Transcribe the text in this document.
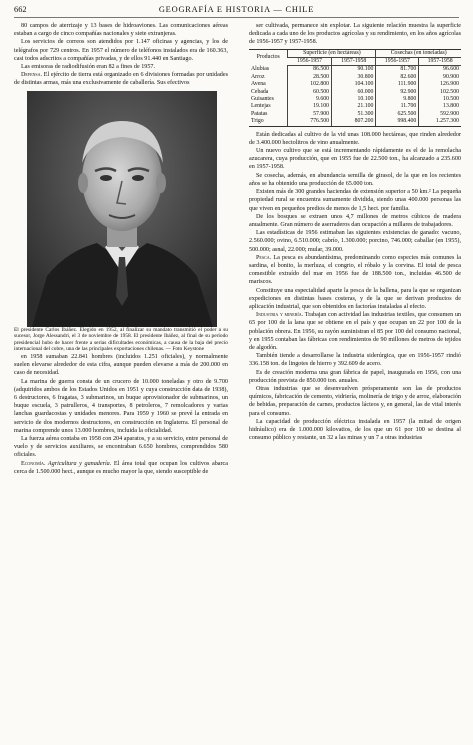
662	GEOGRAFÍA E HISTORIA — CHILE

80 campos de aterrizaje y 13 bases de hidroaviones. Las comunicaciones aéreas estaban a cargo de cinco compañías nacionales y siete extranjeras.

Los servicios de correos son atendidos por 1.147 oficinas y agencias, y los de telégrafos por 729 centros. En 1957 el número de teléfonos instalados era de 160.363, casi todos adscritos a compañías privadas, y de ellos 91.440 en Santiago.

Las emisoras de radiodifusión eran 82 a fines de 1957.

Defensa. El ejército de tierra está organizado en 6 divisiones formadas por unidades de distintas armas, más una exclusivamente de caballería. Sus efectivos

El presidente Carlos Ibáñez. Elegido en 1952, al finalizar su mandato transmitió el poder a su sucesor, Jorge Alessandri, el 3 de noviembre de 1958. El presidente Ibáñez, al final de su período presidencial hubo de hacer frente a serias dificultades económicas, a causa de la baja del precio internacional del cobre, una de las principales exportaciones chilenas. — Foto Keystone

en 1958 sumaban 22.841 hombres (incluidos 1.251 oficiales), y normalmente suelen elevarse alrededor de esta cifra, aunque pueden elevarse a más de 200.000 en caso de necesidad.

La marina de guerra consta de un crucero de 10.000 toneladas y otro de 9.700 (adquiridos ambos de los Estados Unidos en 1951 y cuya construcción data de 1938), 6 destructores, 6 fragatas, 3 submarinos, un buque aprovisionador de submarinos, un buque escuela, 3 patrulleros, 4 transportes, 8 petroleros, 7 remolcadores y varias lanchas guardacostas y unidades menores. Para 1959 y 1960 se prevé la entrada en servicio de dos modernos destructores, en construcción en Inglaterra. El personal de marina comprende unos 13.000 hombres, incluida la oficialidad.

La fuerza aérea contaba en 1958 con 204 aparatos, y a su servicio, entre personal de vuelo y de servicios auxiliares, se encontraban 6.650 hombres, comprendidos 580 oficiales.

Economía. Agricultura y ganadería. El área total que ocupan los cultivos abarca cerca de 1.500.000 hect., aunque es mucho mayor la que, siendo susceptible de

ser cultivada, permanece sin explotar. La siguiente relación muestra la superficie dedicada a cada uno de los productos agrícolas y su rendimiento, en los años agrícolas de 1956-1957 y 1957-1958.

Productos	Superficie (en hectáreas)		Cosechas (en toneladas)	
	1956-1957	1957-1958	1956-1957	1957-1958
Alubias	86.500	90.100	81.700	96.600
Arroz	28.500	30.800	82.600	90.900
Avena	102.800	104.100	111.900	126.900
Cebada	60.500	60.000	92.900	102.500
Guisantes	9.600	10.100	9.800	10.500
Lentejas	19.100	21.100	11.700	13.800
Patatas	57.900	51.300	625.500	592.900
Trigo	776.500	807.200	998.400	1.257.300

Están dedicadas al cultivo de la vid unas 108.000 hectáreas, que rinden alrededor de 3.400.000 hectolitros de vino anualmente.

Un nuevo cultivo que se está incrementando rápidamente es el de la remolacha azucarera, cuya producción, que en 1955 fue de 22.500 ton., ha alcanzado a 235.600 en 1957-1958.

Se cosecha, además, en abundancia semilla de girasol, de la que en los recientes años se ha obtenido una producción de 65.000 ton.

Existen más de 300 grandes haciendas de extensión superior a 50 km.² La pequeña propiedad rural se encuentra sumamente dividida, siendo unas 400.000 personas las que viven en pequeños predios de menos de 1,5 hect. por familia.

De los bosques se extraen unos 4,7 millones de metros cúbicos de madera anualmente. Gran número de aserraderos dan ocupación a millares de trabajadores.

Las estadísticas de 1956 estimaban las siguientes existencias de ganado: vacuno, 2.560.000; ovino, 6.510.000; cabrío, 1.300.000; porcino, 746.000; caballar (en 1955), 500.000; asnal, 22.000; mular, 39.000.

Pesca. La pesca es abundantísima, predominando como especies más comunes la sardina, el bonito, la merluza, el congrio, el róbalo y la corvina. El total de pesca comestible extraído del mar en 1956 fue de 188.500 ton., incluidas 46.500 de mariscos.

Constituye una especialidad aparte la pesca de la ballena, para la que se organizan expediciones en distintas bases costeras, y de la que se derivan productos de aplicación industrial, que son obtenidos en factorías instaladas al efecto.

Industria y minería. Trabajan con actividad las industrias textiles, que consumen un 65 por 100 de la lana que se obtiene en el país y que ocupan un 22 por 100 de la población obrera. En 1956, su rayón suministran el 85 por 100 del consumo nacional, y en 1955 contaban las fábricas con rendimientos de 90 millones de metros de tejidos de algodón.

También tiende a desarrollarse la industria siderúrgica, que en 1956-1957 rindió 336.158 ton. de lingotes de hierro y 392.609 de acero.

Es de creación moderna una gran fábrica de papel, inaugurada en 1956, con una producción prevista de 850.000 ton. anuales.

Otras industrias que se desenvuelven prósperamente son las de productos químicos, fabricación de cemento, vidriería, molinería de trigo y de arroz, elaboración de bebidas, preparación de carnes, productos lácteos y, en general, las de vital interés para el consumo.

La capacidad de producción eléctrica instalada en 1957 (la mitad de origen hidráulico) era de 1.000.000 kilovatios, de los que un 61 por 100 se destina al consumo público y restante, un 32 a las minas y un 7 a otras industrias
